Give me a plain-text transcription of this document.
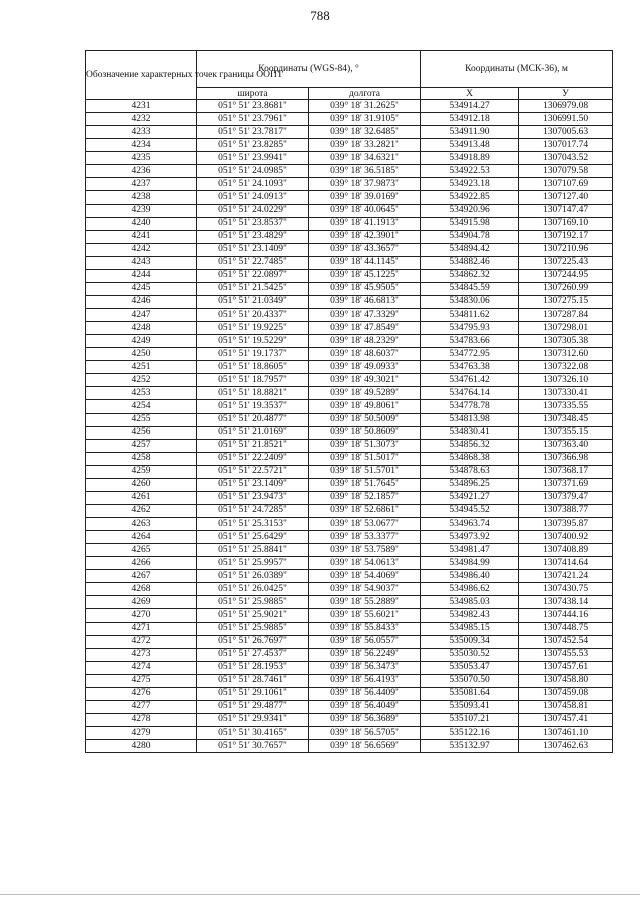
788
Обозначение характерных точек границы ООПТ	Координаты (WGS-84), °		Координаты (МСК-36), м	
	широта	долгота	X	У
4231	051° 51' 23.8681"	039° 18' 31.2625"	534914.27	1306979.08
4232	051° 51' 23.7961"	039° 18' 31.9105"	534912.18	1306991.50
4233	051° 51' 23.7817"	039° 18' 32.6485"	534911.90	1307005.63
4234	051° 51' 23.8285"	039° 18' 33.2821"	534913.48	1307017.74
4235	051° 51' 23.9941"	039° 18' 34.6321"	534918.89	1307043.52
4236	051° 51' 24.0985"	039° 18' 36.5185"	534922.53	1307079.58
4237	051° 51' 24.1093"	039° 18' 37.9873"	534923.18	1307107.69
4238	051° 51' 24.0913"	039° 18' 39.0169"	534922.85	1307127.40
4239	051° 51' 24.0229"	039° 18' 40.0645"	534920.96	1307147.47
4240	051° 51' 23.8537"	039° 18' 41.1913"	534915.98	1307169.10
4241	051° 51' 23.4829"	039° 18' 42.3901"	534904.78	1307192.17
4242	051° 51' 23.1409"	039° 18' 43.3657"	534894.42	1307210.96
4243	051° 51' 22.7485"	039° 18' 44.1145"	534882.46	1307225.43
4244	051° 51' 22.0897"	039° 18' 45.1225"	534862.32	1307244.95
4245	051° 51' 21.5425"	039° 18' 45.9505"	534845.59	1307260.99
4246	051° 51' 21.0349"	039° 18' 46.6813"	534830.06	1307275.15
4247	051° 51' 20.4337"	039° 18' 47.3329"	534811.62	1307287.84
4248	051° 51' 19.9225"	039° 18' 47.8549"	534795.93	1307298.01
4249	051° 51' 19.5229"	039° 18' 48.2329"	534783.66	1307305.38
4250	051° 51' 19.1737"	039° 18' 48.6037"	534772.95	1307312.60
4251	051° 51' 18.8605"	039° 18' 49.0933"	534763.38	1307322.08
4252	051° 51' 18.7957"	039° 18' 49.3021"	534761.42	1307326.10
4253	051° 51' 18.8821"	039° 18' 49.5289"	534764.14	1307330.41
4254	051° 51' 19.3537"	039° 18' 49.8061"	534778.78	1307335.55
4255	051° 51' 20.4877"	039° 18' 50.5009"	534813.98	1307348.45
4256	051° 51' 21.0169"	039° 18' 50.8609"	534830.41	1307355.15
4257	051° 51' 21.8521"	039° 18' 51.3073"	534856.32	1307363.40
4258	051° 51' 22.2409"	039° 18' 51.5017"	534868.38	1307366.98
4259	051° 51' 22.5721"	039° 18' 51.5701"	534878.63	1307368.17
4260	051° 51' 23.1409"	039° 18' 51.7645"	534896.25	1307371.69
4261	051° 51' 23.9473"	039° 18' 52.1857"	534921.27	1307379.47
4262	051° 51' 24.7285"	039° 18' 52.6861"	534945.52	1307388.77
4263	051° 51' 25.3153"	039° 18' 53.0677"	534963.74	1307395.87
4264	051° 51' 25.6429"	039° 18' 53.3377"	534973.92	1307400.92
4265	051° 51' 25.8841"	039° 18' 53.7589"	534981.47	1307408.89
4266	051° 51' 25.9957"	039° 18' 54.0613"	534984.99	1307414.64
4267	051° 51' 26.0389"	039° 18' 54.4069"	534986.40	1307421.24
4268	051° 51' 26.0425"	039° 18' 54.9037"	534986.62	1307430.75
4269	051° 51' 25.9885"	039° 18' 55.2889"	534985.03	1307438.14
4270	051° 51' 25.9021"	039° 18' 55.6021"	534982.43	1307444.16
4271	051° 51' 25.9885"	039° 18' 55.8433"	534985.15	1307448.75
4272	051° 51' 26.7697"	039° 18' 56.0557"	535009.34	1307452.54
4273	051° 51' 27.4537"	039° 18' 56.2249"	535030.52	1307455.53
4274	051° 51' 28.1953"	039° 18' 56.3473"	535053.47	1307457.61
4275	051° 51' 28.7461"	039° 18' 56.4193"	535070.50	1307458.80
4276	051° 51' 29.1061"	039° 18' 56.4409"	535081.64	1307459.08
4277	051° 51' 29.4877"	039° 18' 56.4049"	535093.41	1307458.81
4278	051° 51' 29.9341"	039° 18' 56.3689"	535107.21	1307457.41
4279	051° 51' 30.4165"	039° 18' 56.5705"	535122.16	1307461.10
4280	051° 51' 30.7657"	039° 18' 56.6569"	535132.97	1307462.63
